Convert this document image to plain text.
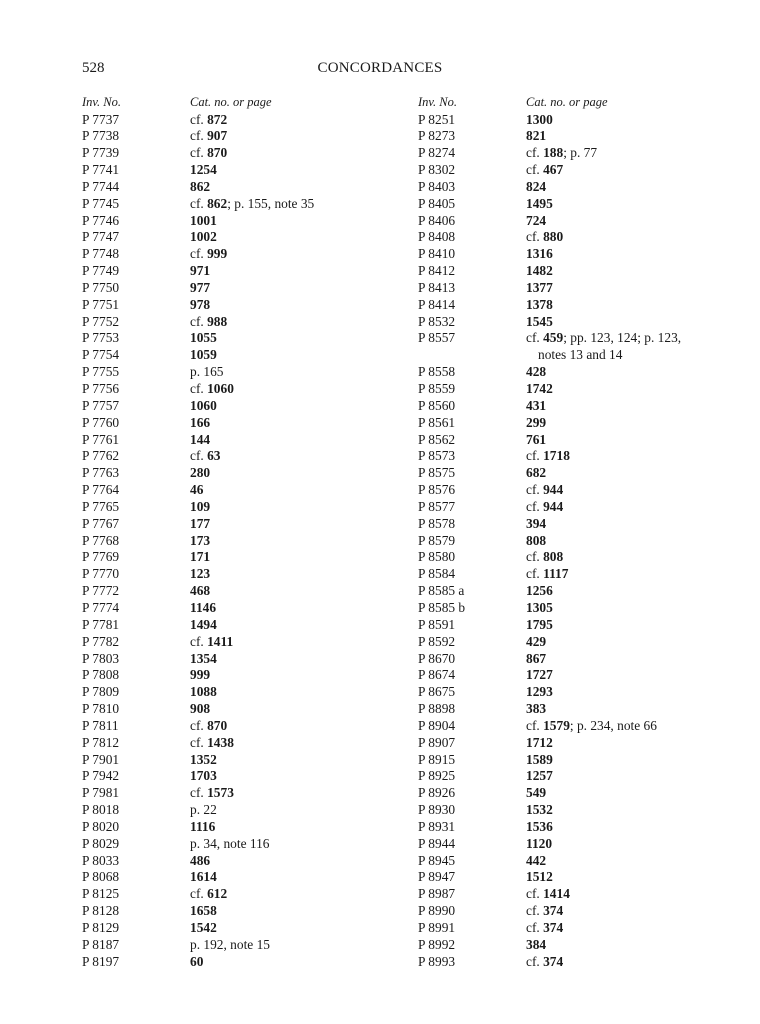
528	CONCORDANCES
Inv. No.	Cat. no. or page
P 7737	cf. 872
P 7738	cf. 907
P 7739	cf. 870
P 7741	1254
P 7744	862
P 7745	cf. 862; p. 155, note 35
P 7746	1001
P 7747	1002
P 7748	cf. 999
P 7749	971
P 7750	977
P 7751	978
P 7752	cf. 988
P 7753	1055
P 7754	1059
P 7755	p. 165
P 7756	cf. 1060
P 7757	1060
P 7760	166
P 7761	144
P 7762	cf. 63
P 7763	280
P 7764	46
P 7765	109
P 7767	177
P 7768	173
P 7769	171
P 7770	123
P 7772	468
P 7774	1146
P 7781	1494
P 7782	cf. 1411
P 7803	1354
P 7808	999
P 7809	1088
P 7810	908
P 7811	cf. 870
P 7812	cf. 1438
P 7901	1352
P 7942	1703
P 7981	cf. 1573
P 8018	p. 22
P 8020	1116
P 8029	p. 34, note 116
P 8033	486
P 8068	1614
P 8125	cf. 612
P 8128	1658
P 8129	1542
P 8187	p. 192, note 15
P 8197	60
Inv. No.	Cat. no. or page
P 8251	1300
P 8273	821
P 8274	cf. 188; p. 77
P 8302	cf. 467
P 8403	824
P 8405	1495
P 8406	724
P 8408	cf. 880
P 8410	1316
P 8412	1482
P 8413	1377
P 8414	1378
P 8532	1545
P 8557	cf. 459; pp. 123, 124; p. 123,
notes 13 and 14
P 8558	428
P 8559	1742
P 8560	431
P 8561	299
P 8562	761
P 8573	cf. 1718
P 8575	682
P 8576	cf. 944
P 8577	cf. 944
P 8578	394
P 8579	808
P 8580	cf. 808
P 8584	cf. 1117
P 8585 a	1256
P 8585 b	1305
P 8591	1795
P 8592	429
P 8670	867
P 8674	1727
P 8675	1293
P 8898	383
P 8904	cf. 1579; p. 234, note 66
P 8907	1712
P 8915	1589
P 8925	1257
P 8926	549
P 8930	1532
P 8931	1536
P 8944	1120
P 8945	442
P 8947	1512
P 8987	cf. 1414
P 8990	cf. 374
P 8991	cf. 374
P 8992	384
P 8993	cf. 374
